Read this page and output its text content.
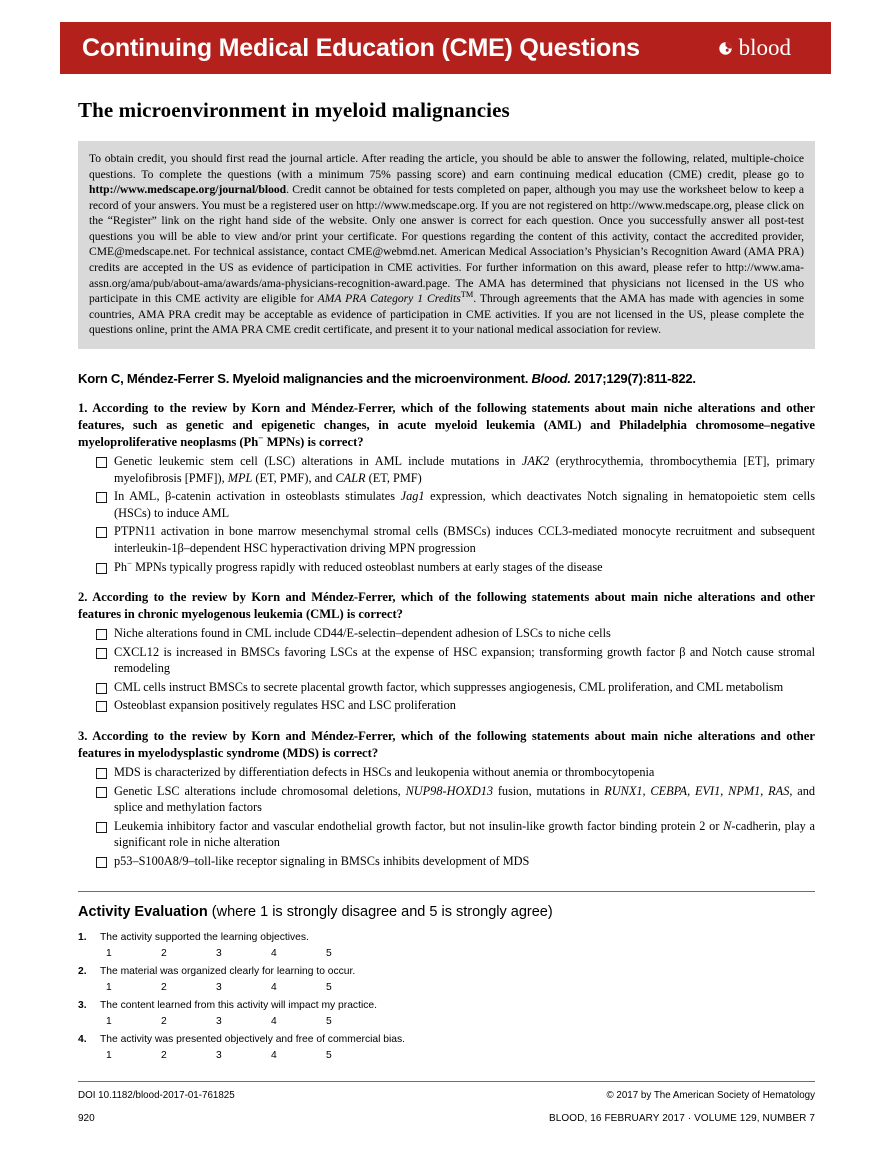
Continuing Medical Education (CME) Questions	blood
The microenvironment in myeloid malignancies
To obtain credit, you should first read the journal article. After reading the article, you should be able to answer the following, related, multiple-choice questions. To complete the questions (with a minimum 75% passing score) and earn continuing medical education (CME) credit, please go to http://www.medscape.org/journal/blood. Credit cannot be obtained for tests completed on paper, although you may use the worksheet below to keep a record of your answers. You must be a registered user on http://www.medscape.org. If you are not registered on http://www.medscape.org, please click on the “Register” link on the right hand side of the website. Only one answer is correct for each question. Once you successfully answer all post-test questions you will be able to view and/or print your certificate. For questions regarding the content of this activity, contact the accredited provider, CME@medscape.net. For technical assistance, contact CME@webmd.net. American Medical Association’s Physician’s Recognition Award (AMA PRA) credits are accepted in the US as evidence of participation in CME activities. For further information on this award, please refer to http://www.ama-assn.org/ama/pub/about-ama/awards/ama-physicians-recognition-award.page. The AMA has determined that physicians not licensed in the US who participate in this CME activity are eligible for AMA PRA Category 1 Credits™. Through agreements that the AMA has made with agencies in some countries, AMA PRA credit may be acceptable as evidence of participation in CME activities. If you are not licensed in the US, please complete the questions online, print the AMA PRA CME credit certificate, and present it to your national medical association for review.
Korn C, Méndez-Ferrer S. Myeloid malignancies and the microenvironment. Blood. 2017;129(7):811-822.
1. According to the review by Korn and Méndez-Ferrer, which of the following statements about main niche alterations and other features, such as genetic and epigenetic changes, in acute myeloid leukemia (AML) and Philadelphia chromosome–negative myeloproliferative neoplasms (Ph− MPNs) is correct?
Genetic leukemic stem cell (LSC) alterations in AML include mutations in JAK2 (erythrocythemia, thrombocythemia [ET], primary myelofibrosis [PMF]), MPL (ET, PMF), and CALR (ET, PMF)
In AML, β-catenin activation in osteoblasts stimulates Jag1 expression, which deactivates Notch signaling in hematopoietic stem cells (HSCs) to induce AML
PTPN11 activation in bone marrow mesenchymal stromal cells (BMSCs) induces CCL3-mediated monocyte recruitment and subsequent interleukin-1β–dependent HSC hyperactivation driving MPN progression
Ph− MPNs typically progress rapidly with reduced osteoblast numbers at early stages of the disease
2. According to the review by Korn and Méndez-Ferrer, which of the following statements about main niche alterations and other features in chronic myelogenous leukemia (CML) is correct?
Niche alterations found in CML include CD44/E-selectin–dependent adhesion of LSCs to niche cells
CXCL12 is increased in BMSCs favoring LSCs at the expense of HSC expansion; transforming growth factor β and Notch cause stromal remodeling
CML cells instruct BMSCs to secrete placental growth factor, which suppresses angiogenesis, CML proliferation, and CML metabolism
Osteoblast expansion positively regulates HSC and LSC proliferation
3. According to the review by Korn and Méndez-Ferrer, which of the following statements about main niche alterations and other features in myelodysplastic syndrome (MDS) is correct?
MDS is characterized by differentiation defects in HSCs and leukopenia without anemia or thrombocytopenia
Genetic LSC alterations include chromosomal deletions, NUP98-HOXD13 fusion, mutations in RUNX1, CEBPA, EVI1, NPM1, RAS, and splice and methylation factors
Leukemia inhibitory factor and vascular endothelial growth factor, but not insulin-like growth factor binding protein 2 or N-cadherin, play a significant role in niche alteration
p53–S100A8/9–toll-like receptor signaling in BMSCs inhibits development of MDS
Activity Evaluation (where 1 is strongly disagree and 5 is strongly agree)
1.	The activity supported the learning objectives.
1	2	3	4	5
2.	The material was organized clearly for learning to occur.
1	2	3	4	5
3.	The content learned from this activity will impact my practice.
1	2	3	4	5
4.	The activity was presented objectively and free of commercial bias.
1	2	3	4	5
DOI 10.1182/blood-2017-01-761825	© 2017 by The American Society of Hematology
920	BLOOD, 16 FEBRUARY 2017 · VOLUME 129, NUMBER 7
